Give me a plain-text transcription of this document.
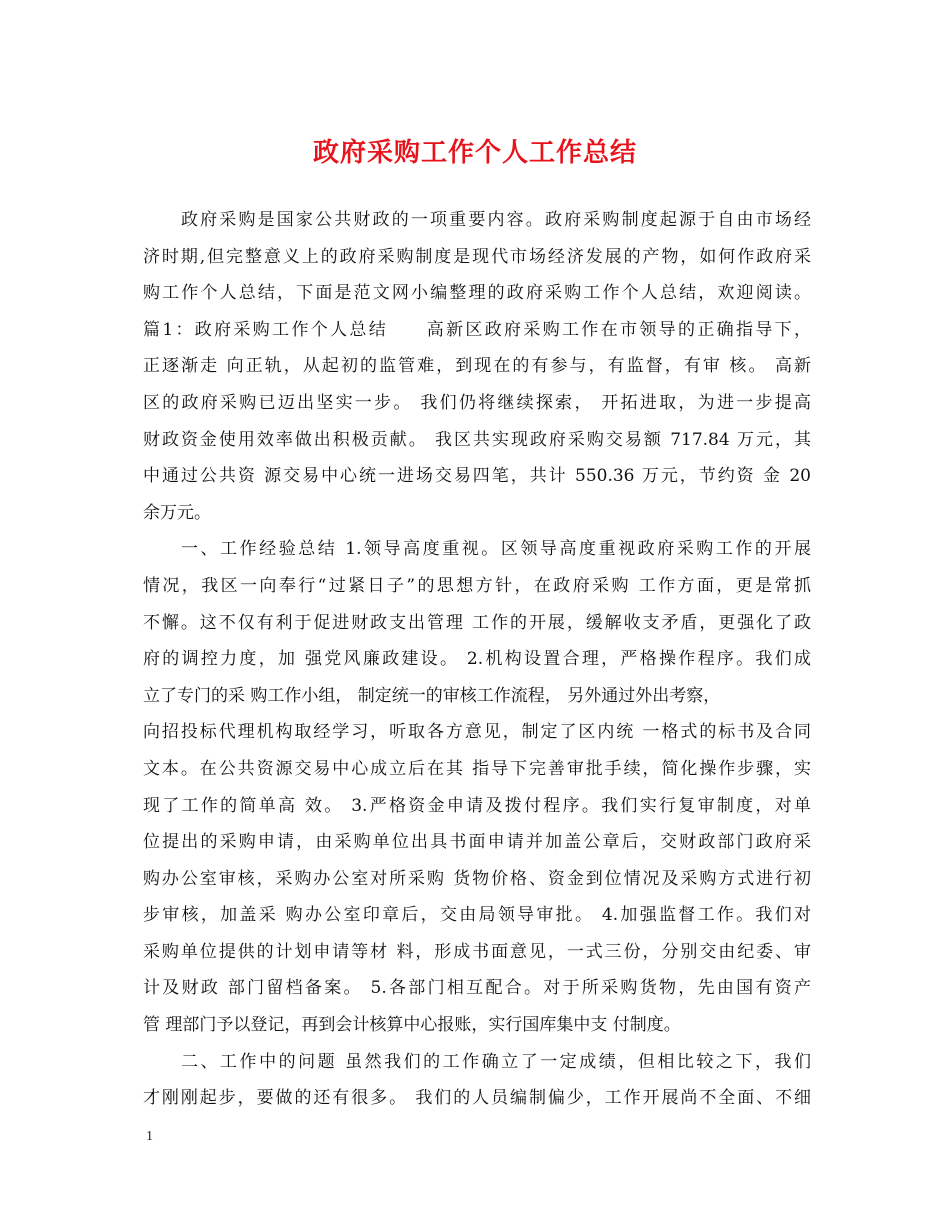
政府采购工作个人工作总结
政府采购是国家公共财政的一项重要内容。政府采购制度起源于自由市场经
济时期,但完整意义上的政府采购制度是现代市场经济发展的产物，如何作政府采
购工作个人总结，下面是范文网小编整理的政府采购工作个人总结，欢迎阅读。
篇1：政府采购工作个人总结　　高新区政府采购工作在市领导的正确指导下，
正逐渐走 向正轨，从起初的监管难，到现在的有参与，有监督，有审 核。 高新
区的政府采购已迈出坚实一步。 我们仍将继续探索， 开拓进取，为进一步提高
财政资金使用效率做出积极贡献。 我区共实现政府采购交易额 717.84 万元，其
中通过公共资 源交易中心统一进场交易四笔，共计 550.36 万元，节约资 金 20
余万元。
一、工作经验总结 1.领导高度重视。区领导高度重视政府采购工作的开展
情况，我区一向奉行“过紧日子”的思想方针，在政府采购 工作方面，更是常抓
不懈。这不仅有利于促进财政支出管理 工作的开展，缓解收支矛盾，更强化了政
府的调控力度，加 强党风廉政建设。 2.机构设置合理，严格操作程序。我们成
立了专门的采 购工作小组， 制定统一的审核工作流程， 另外通过外出考察，
向招投标代理机构取经学习，听取各方意见，制定了区内统 一格式的标书及合同
文本。在公共资源交易中心成立后在其 指导下完善审批手续，简化操作步骤，实
现了工作的简单高 效。 3.严格资金申请及拨付程序。我们实行复审制度，对单
位提出的采购申请，由采购单位出具书面申请并加盖公章后，交财政部门政府采
购办公室审核，采购办公室对所采购 货物价格、资金到位情况及采购方式进行初
步审核，加盖采 购办公室印章后，交由局领导审批。 4.加强监督工作。我们对
采购单位提供的计划申请等材 料，形成书面意见，一式三份，分别交由纪委、审
计及财政 部门留档备案。 5.各部门相互配合。对于所采购货物，先由国有资产
管 理部门予以登记，再到会计核算中心报账，实行国库集中支 付制度。
二、工作中的问题 虽然我们的工作确立了一定成绩，但相比较之下，我们
才刚刚起步，要做的还有很多。 我们的人员编制偏少，工作开展尚不全面、不细
1
